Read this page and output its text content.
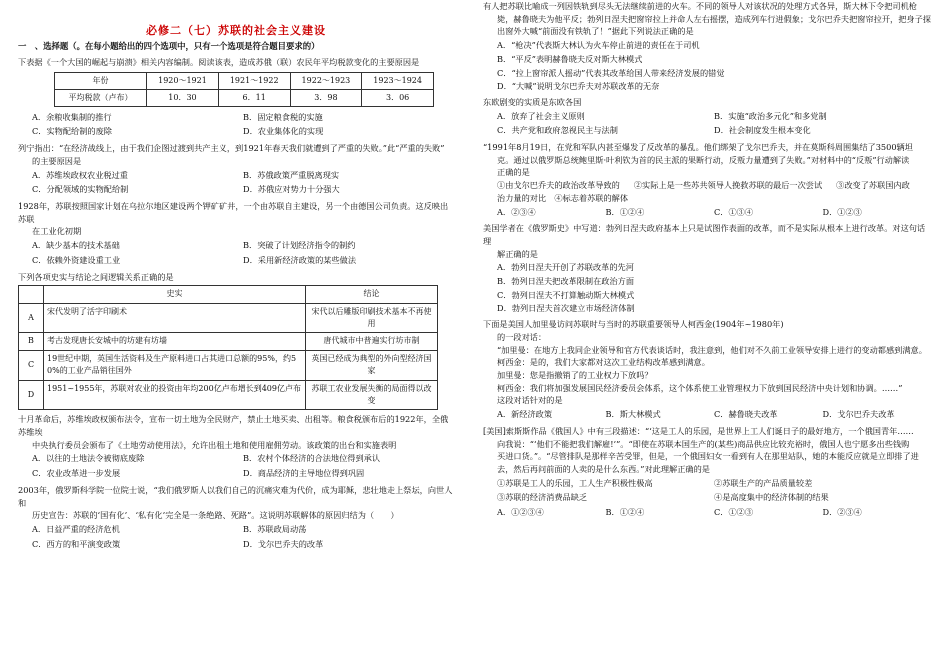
必修二（七）苏联的社会主义建设
一　、选择题（。在每小题给出的四个选项中，只有一个选项是符合题目要求的）

下表据《一个大国的崛起与崩溃》相关内容编制。阅读该表，造成苏俄（联）农民年平均税款变化的主要原因是

年份	1920～1921	1921～1922	1922～1923	1923～1924
平均税款（卢布）	10．30	6．11	3．98	3．06
A．余粮收集制的推行	B．固定粮食税的实施
C．实物配给制的废除	D．农业集体化的实现

列宁指出：“在经济战线上，由于我们企图过渡到共产主义，到1921年春天我们就遭到了严重的失败。”此“严重的失败”

的主要原因是

A．苏维埃政权农业税过重	B．苏俄政策严重脱离现实
C．分配领域的实物配给制	D．苏俄应对势力十分强大

1928年，苏联按照国家计划在乌拉尔地区建设两个钾矿矿井，一个由苏联自主建设，另一个由德国公司负责。这反映出苏联

在工业化初期

A．缺少基本的技术基础	B．突破了计划经济指令的制约
C．依赖外资建设重工业	D．采用新经济政策的某些做法

下列各项史实与结论之间逻辑关系正确的是

	史实	结论
A	宋代发明了活字印刷术	宋代以后雕版印刷技术基本不再使用
B	考古发现唐长安城中的坊建有坊墙	唐代城市中普遍实行坊市制
C	19世纪中期，英国生活资料及生产原料进口占其进口总额的95%，约50%的工业产品销往国外	英国已经成为典型的外向型经济国家
D	1951~1955年，苏联对农业的投资由年均200亿卢布增长到409亿卢布	苏联工农业发展失衡的局面得以改变

十月革命后，苏维埃政权颁布法令，宣布一切土地为全民财产，禁止土地买卖、出租等。粮食税颁布后的1922年，全俄苏维埃

中央执行委员会颁布了《土地劳动使用法》，允许出租土地和使用雇佣劳动。该政策的出台和实施表明

A．以往的土地法令被彻底废除	B．农村个体经济的合法地位得到承认
C．农业改革进一步发展	D．商品经济的主导地位得到巩固

2003年，俄罗斯科学院一位院士说，“我们俄罗斯人以我们自己的沉痛灾难为代价，成为耶稣，悲壮地走上祭坛，向世人和

历史宣告：苏联的‘国有化’、‘私有化’完全是一条绝路、死路”。这说明苏联解体的原因归结为（　　）

A．日益严重的经济危机	B．苏联政局动荡
C．西方的和平演变政策	D．戈尔巴乔夫的改革

有人把苏联比喻成一列因铁轨到尽头无法继续前进的火车。不同的领导人对该状况的处理方式各异，斯大林下令把司机枪

毙，赫鲁晓夫为他平反；勃列日涅夫把窗帘拉上并命人左右摇摆，造成列车行进假象；戈尔巴乔夫把窗帘拉开，把身子探

出窗外大喊“前面没有铁轨了！”据此下列说法正确的是

A．“枪决”代表斯大林认为火车停止前进的责任在于司机
B．“平反”表明赫鲁晓夫反对斯大林模式
C．“拉上窗帘派人摇动”代表其改革给国人带来经济发展的错觉
D．“大喊”说明戈尔巴乔夫对苏联改革的无奈

东欧剧变的实质是东欧各国

A．放弃了社会主义原则	B．实施“政治多元化”和多党制
C．共产党和政府忽视民主与法制	D．社会制度发生根本变化

“1991年8月19日，在党和军队内甚至爆发了反改革的暴乱。他们绑架了戈尔巴乔夫，并在莫斯科周围集结了3500辆坦

克。通过以俄罗斯总统鲍里斯·叶利钦为首的民主派的果断行动，反叛力量遭到了失败。”对材料中的“反叛”行动解读

正确的是

①由戈尔巴乔夫的政治改革导致的 ②实际上是一些苏共领导人挽救苏联的最后一次尝试 ③改变了苏联国内政

治力量的对比　④标志着苏联的解体

A．②③④	B．①②④	C．①③④	D．①②③

美国学者在《俄罗斯史》中写道：勃列日涅夫政府基本上只是试图作表面的改革，而不是实际从根本上进行改革。对这句话理

解正确的是

A．勃列日涅夫开创了苏联改革的先河
B．勃列日涅夫把改革限制在政治方面
C．勃列日涅夫不打算触动斯大林模式
D．勃列日涅夫首次建立市场经济体制

下面是美国人加里曼访问苏联时与当时的苏联重要领导人柯西金(1904年~1980年)

的一段对话：

“加里曼：在地方上我同企业领导和官方代表谈话时，我注意到，他们对不久前工业领导安排上进行的变动都感到满意。

柯西金：是的，我们大家都对这次工业结构改革感到满意。

加里曼：您是指撤销了的工业权力下放吗？

柯西金：我们将加强发展国民经济委员会体系，这个体系使工业管理权力下放到国民经济中央计划和协调。……”

这段对话针对的是

A．新经济政策	B．斯大林模式	C．赫鲁晓夫改革	D．戈尔巴乔夫改革

[美国]索斯斯作品《俄国人》中有三段描述：“‘这是工人的乐园，是世界上工人们诞日子的最好地方，一个俄国青年……

向我说：“‘他们不能把我们解雇!’”。“即使在苏联本国生产的(某些)商品供应比较充裕时，俄国人也宁愿多出些钱购

买进口货。”。“尽管排队是那样辛苦受罪，但是，一个俄国妇女一看到有人在那里站队，她的本能反应就是立即排了进

去，然后再问前面的人卖的是什么东西。”对此理解正确的是

①苏联是工人的乐园，工人生产积极性极高	②苏联生产的产品质量较差
③苏联的经济消费品缺乏	④是高度集中的经济体制的结果
A．①②③④	B．①②④	C．①②③	D．②③④
